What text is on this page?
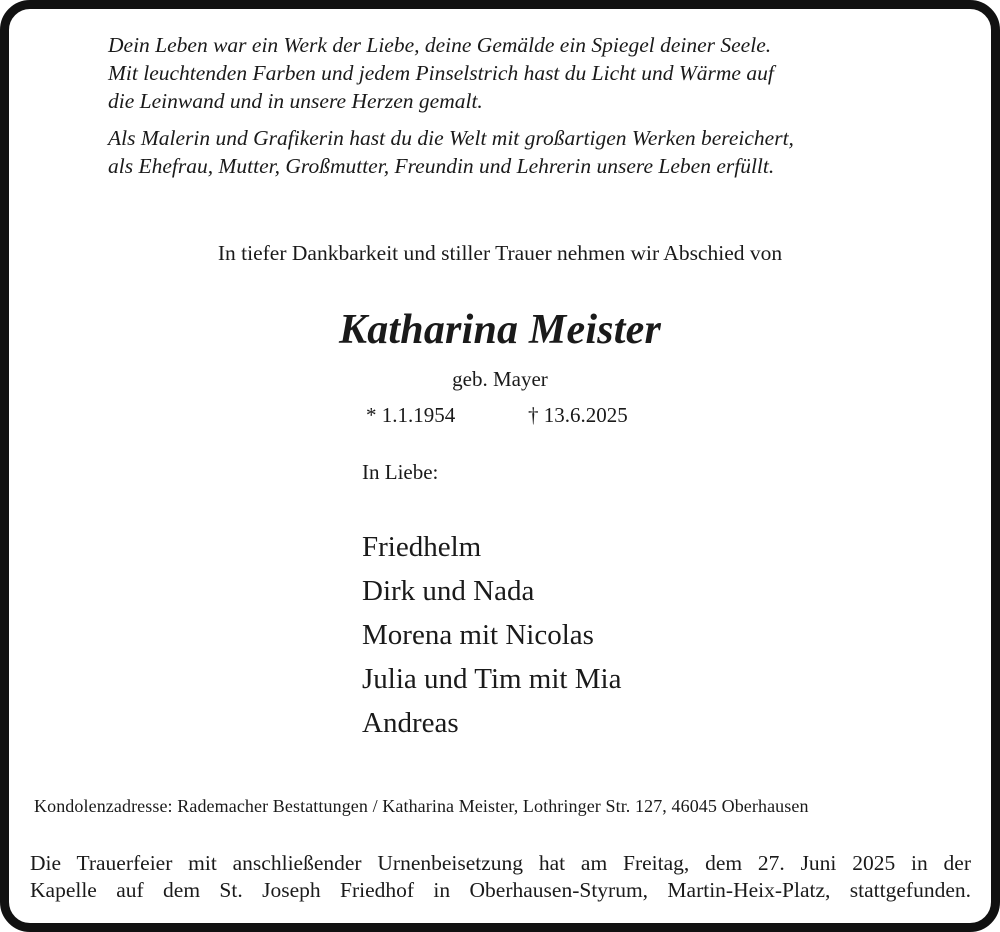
Dein Leben war ein Werk der Liebe, deine Gemälde ein Spiegel deiner Seele.
Mit leuchtenden Farben und jedem Pinselstrich hast du Licht und Wärme auf
die Leinwand und in unsere Herzen gemalt.
Als Malerin und Grafikerin hast du die Welt mit großartigen Werken bereichert,
als Ehefrau, Mutter, Großmutter, Freundin und Lehrerin unsere Leben erfüllt.
In tiefer Dankbarkeit und stiller Trauer nehmen wir Abschied von
Katharina Meister
geb. Mayer
* 1.1.1954	† 13.6.2025
In Liebe:
Friedhelm
Dirk und Nada
Morena mit Nicolas
Julia und Tim mit Mia
Andreas
Kondolenzadresse: Rademacher Bestattungen / Katharina Meister, Lothringer Str. 127, 46045 Oberhausen
Die Trauerfeier mit anschließender Urnenbeisetzung hat am Freitag, dem 27. Juni 2025 in der
Kapelle auf dem St. Joseph Friedhof in Oberhausen-Styrum, Martin-Heix-Platz, stattgefunden.
